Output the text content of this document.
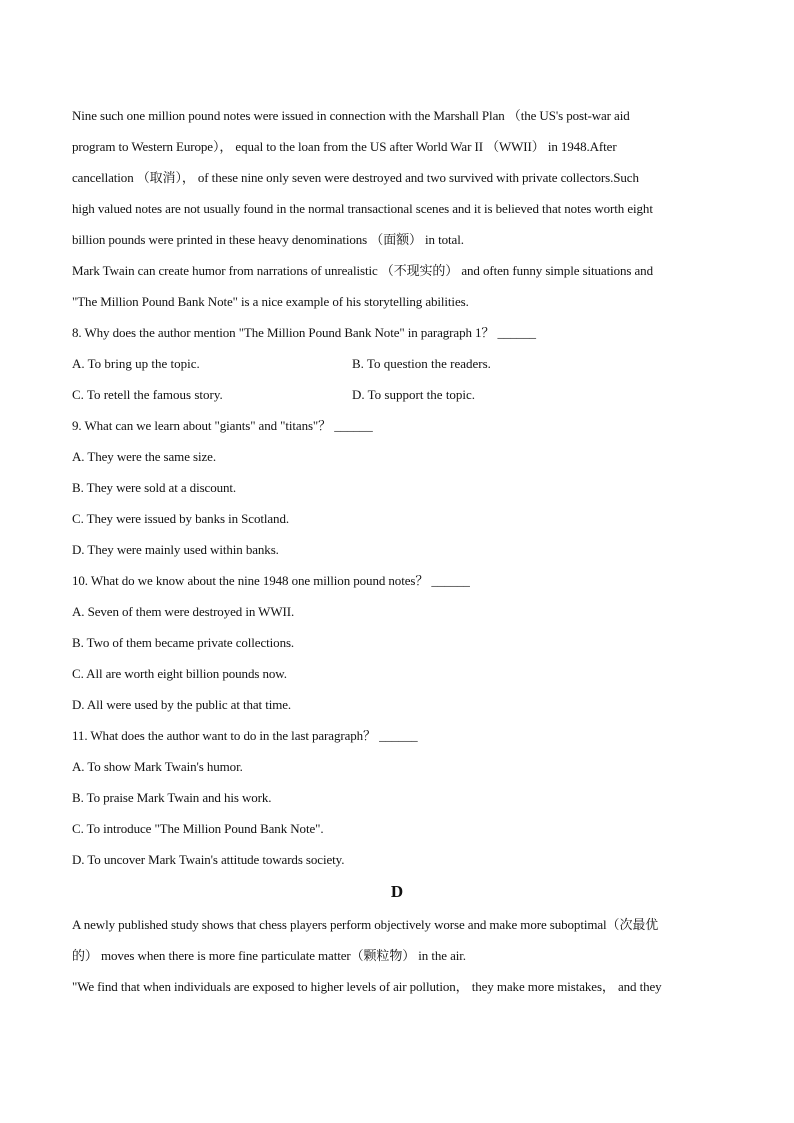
Nine such one million pound notes were issued in connection with the Marshall Plan （the US's post-war aid
program to Western Europe）， equal to the loan from the US after World War II （WWII） in 1948.After
cancellation （取消）， of these nine only seven were destroyed and two survived with private collectors.Such
high valued notes are not usually found in the normal transactional scenes and it is believed that notes worth eight
billion pounds were printed in these heavy denominations （面额） in total.
Mark Twain can create humor from narrations of unrealistic （不现实的） and often funny simple situations and
"The Million Pound Bank Note" is a nice example of his storytelling abilities.
8. Why does the author mention "The Million Pound Bank Note" in paragraph 1？ ______
A. To bring up the topic.	B. To question the readers.
C. To retell the famous story.	D. To support the topic.
9. What can we learn about "giants" and "titans"？ ______
A. They were the same size.
B. They were sold at a discount.
C. They were issued by banks in Scotland.
D. They were mainly used within banks.
10. What do we know about the nine 1948 one million pound notes？ ______
A. Seven of them were destroyed in WWII.
B. Two of them became private collections.
C. All are worth eight billion pounds now.
D. All were used by the public at that time.
11. What does the author want to do in the last paragraph？ ______
A. To show Mark Twain's humor.
B. To praise Mark Twain and his work.
C. To introduce "The Million Pound Bank Note".
D. To uncover Mark Twain's attitude towards society.
D
A newly published study shows that chess players perform objectively worse and make more suboptimal（次最优
的） moves when there is more fine particulate matter（颗粒物） in the air.
"We find that when individuals are exposed to higher levels of air pollution， they make more mistakes， and they
